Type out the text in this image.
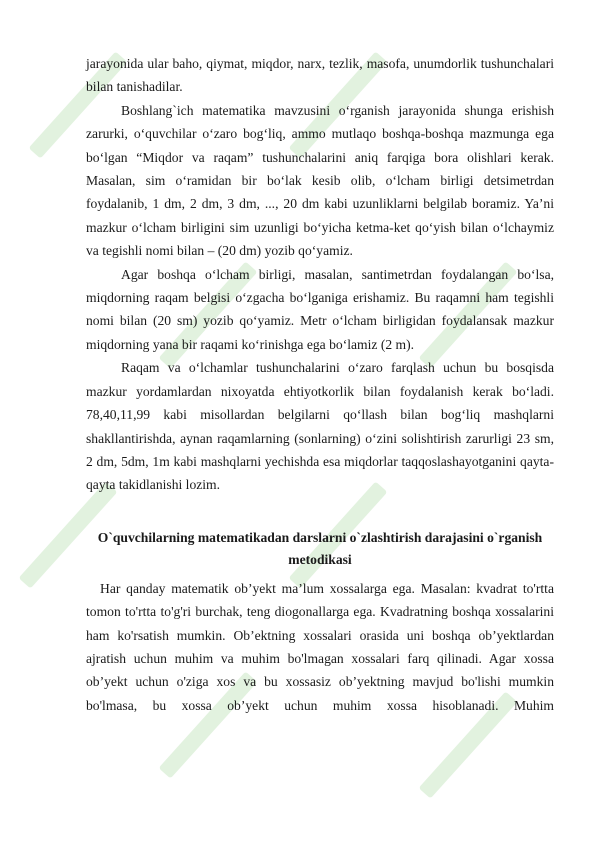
jarayonida ular baho, qiymat, miqdor, narx, tezlik, masofa, unumdorlik tushunchalari bilan tanishadilar.

Boshlang`ich matematika mavzusini o‘rganish jarayonida shunga erishish zarurki, o‘quvchilar o‘zaro bog‘liq, ammo mutlaqo boshqa-boshqa mazmunga ega bo‘lgan “Miqdor va raqam” tushunchalarini aniq farqiga bora olishlari kerak. Masalan, sim o‘ramidan bir bo‘lak kesib olib, o‘lcham birligi detsimetrdan foydalanib, 1 dm, 2 dm, 3 dm, ..., 20 dm kabi uzunliklarni belgilab boramiz. Ya’ni mazkur o‘lcham birligini sim uzunligi bo‘yicha ketma-ket qo‘yish bilan o‘lchaymiz va tegishli nomi bilan – (20 dm) yozib qo‘yamiz.

Agar boshqa o‘lcham birligi, masalan, santimetrdan foydalangan bo‘lsa, miqdorning raqam belgisi o‘zgacha bo‘lganiga erishamiz. Bu raqamni ham tegishli nomi bilan (20 sm) yozib qo‘yamiz. Metr o‘lcham birligidan foydalansak mazkur miqdorning yana bir raqami ko‘rinishga ega bo‘lamiz (2 m).

Raqam va o‘lchamlar tushunchalarini o‘zaro farqlash uchun bu bosqisda mazkur yordamlardan nixoyatda ehtiyotkorlik bilan foydalanish kerak bo‘ladi. 78,40,11,99 kabi misollardan belgilarni qo‘llash bilan bog‘liq mashqlarni shakllantirishda, aynan raqamlarning (sonlarning) o‘zini solishtirish zarurligi 23 sm, 2 dm, 5dm, 1m kabi mashqlarni yechishda esa miqdorlar taqqoslashayotganini qayta-qayta takidlanishi lozim.

O`quvchilarning matematikadan darslarni o`zlashtirish darajasini o`rganish metodikasi

Har qanday matematik ob’yekt ma’lum xossalarga ega. Masalan: kvadrat to'rtta tomon to'rtta to'g'ri burchak, teng diogonallarga ega. Kvadratning boshqa xossalarini ham ko'rsatish mumkin. Ob’ektning xossalari orasida uni boshqa ob’yektlardan ajratish uchun muhim va muhim bo'lmagan xossalari farq qilinadi. Agar xossa ob’yekt uchun o'ziga xos va bu xossasiz ob’yektning mavjud bo'lishi mumkin bo'lmasa, bu xossa ob’yekt uchun muhim xossa hisoblanadi. Muhim
